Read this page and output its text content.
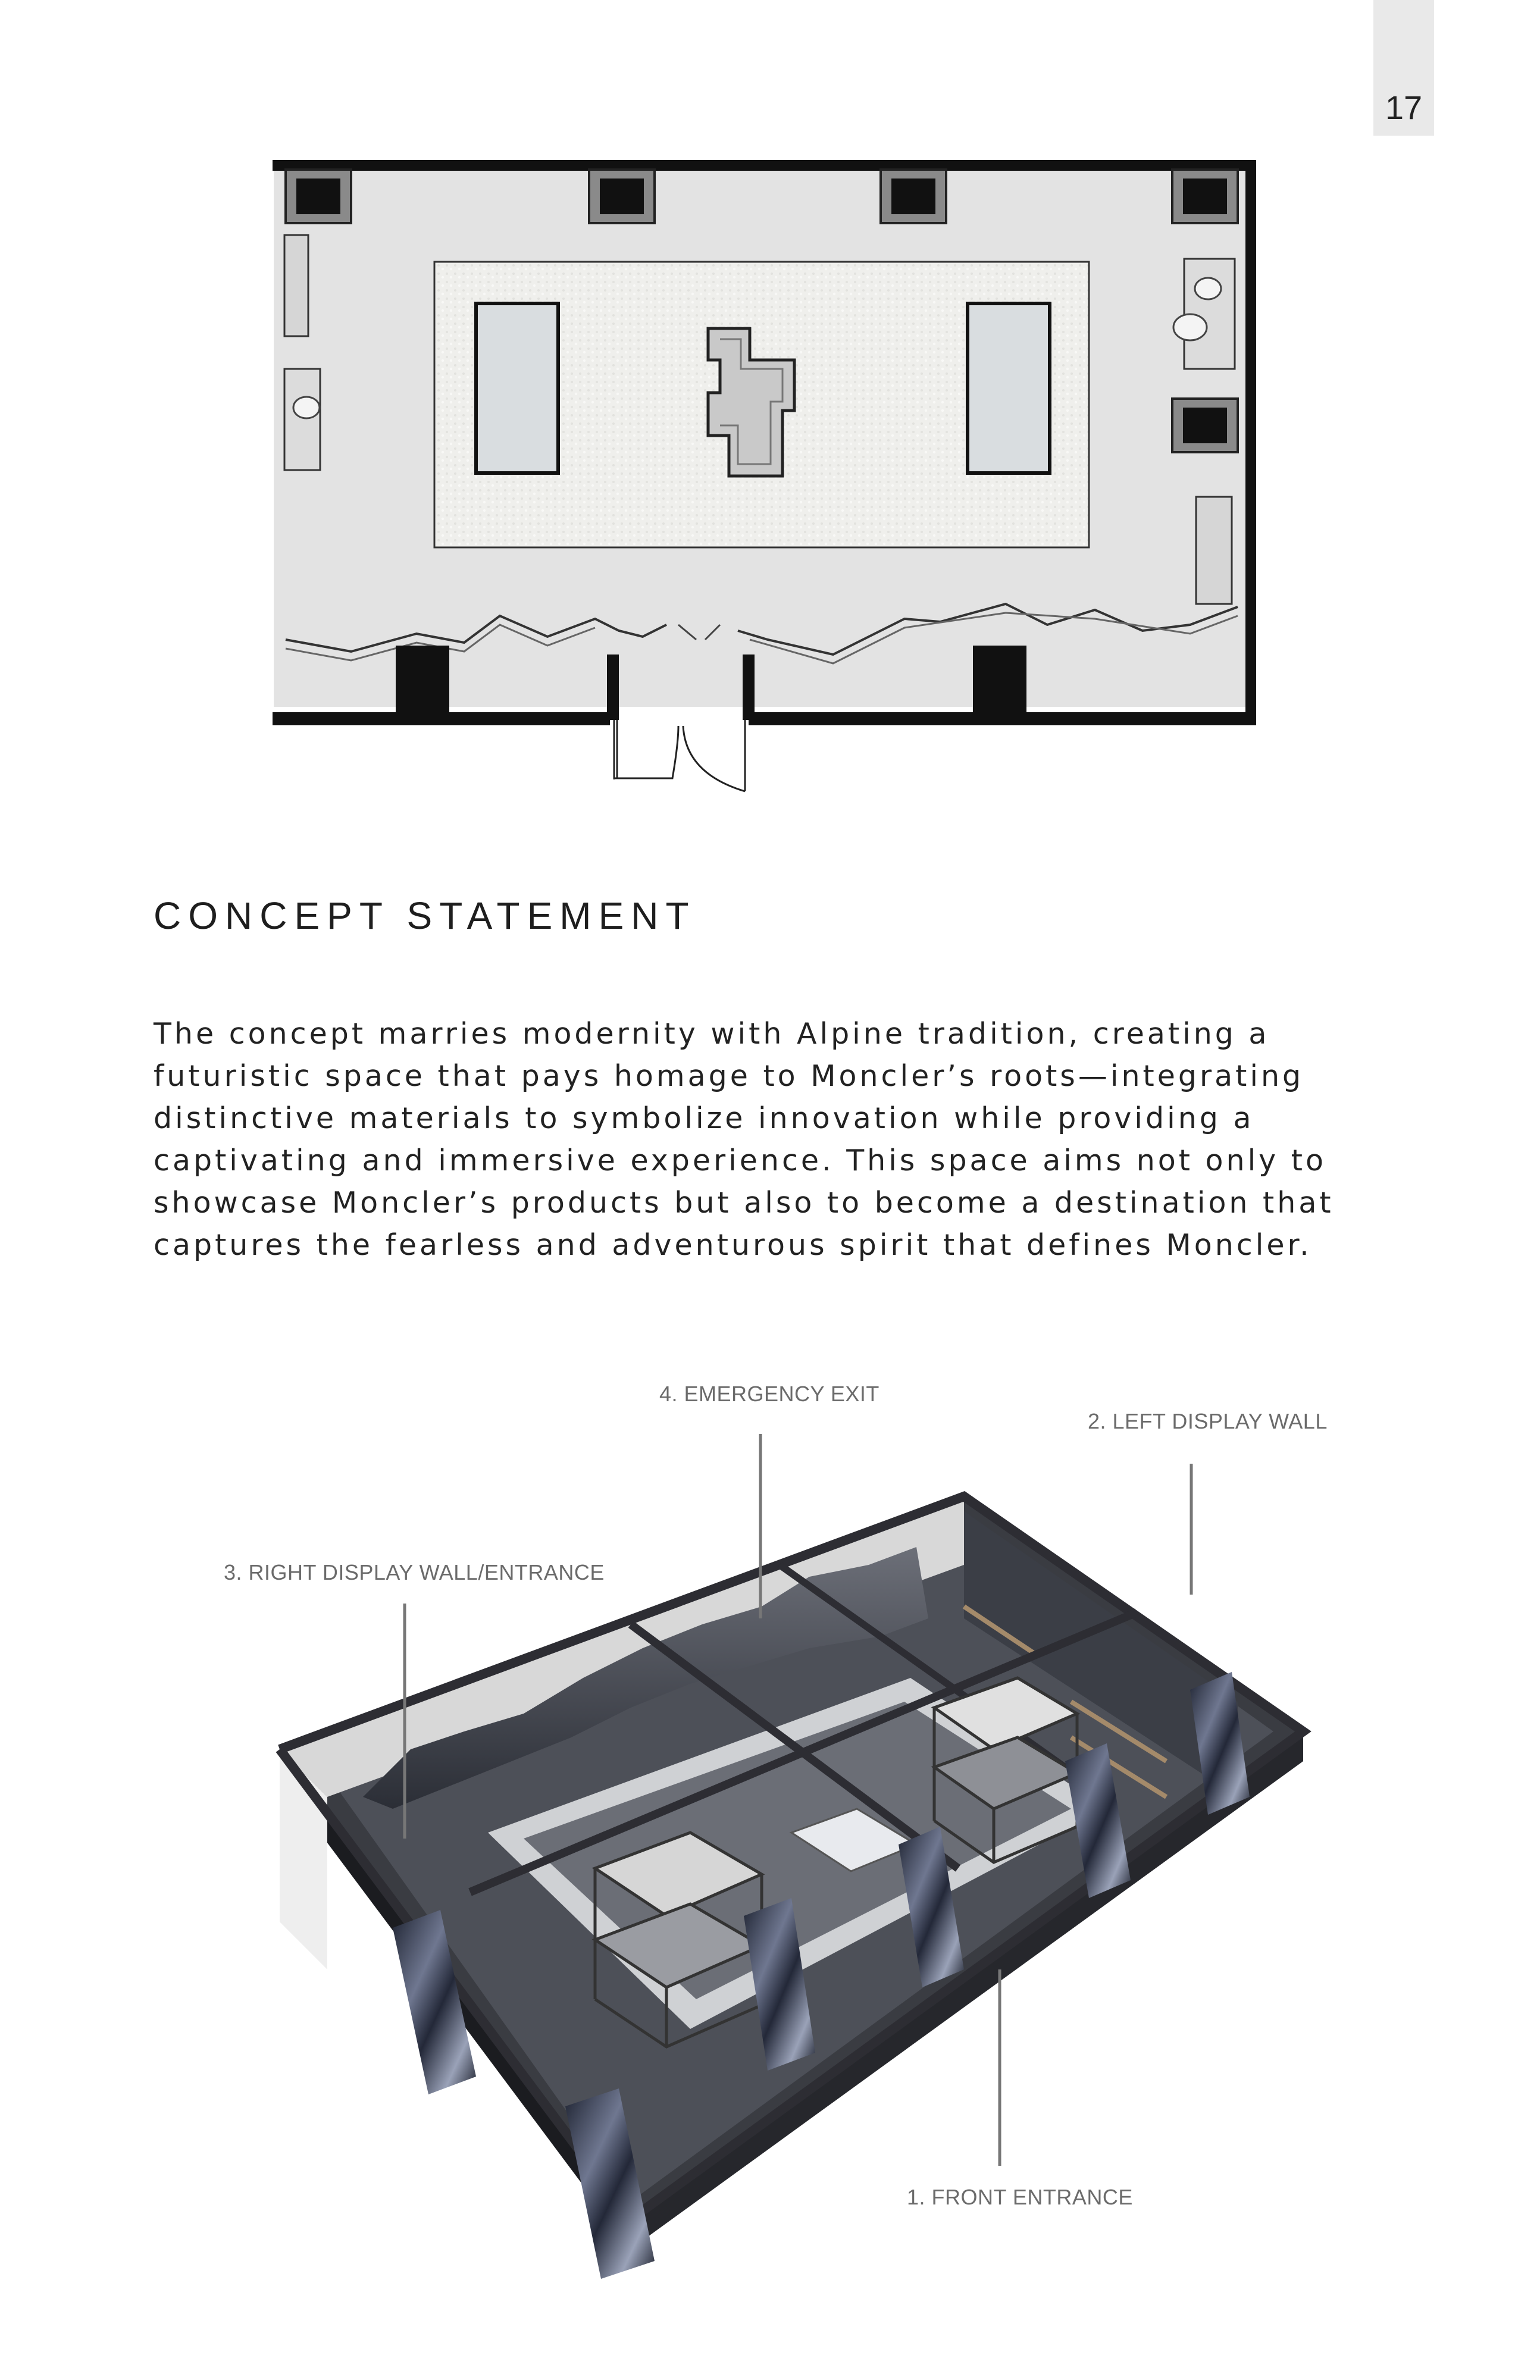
17
CONCEPT STATEMENT

The concept marries modernity with Alpine tradition, creating a
futuristic space that pays homage to Moncler’s roots—integrating
distinctive materials to symbolize innovation while providing a
captivating and immersive experience. This space aims not only to
showcase Moncler’s products but also to become a destination that
captures the fearless and adventurous spirit that defines Moncler.

4. EMERGENCY EXIT
2. LEFT DISPLAY WALL
3. RIGHT DISPLAY WALL/ENTRANCE
1. FRONT ENTRANCE
